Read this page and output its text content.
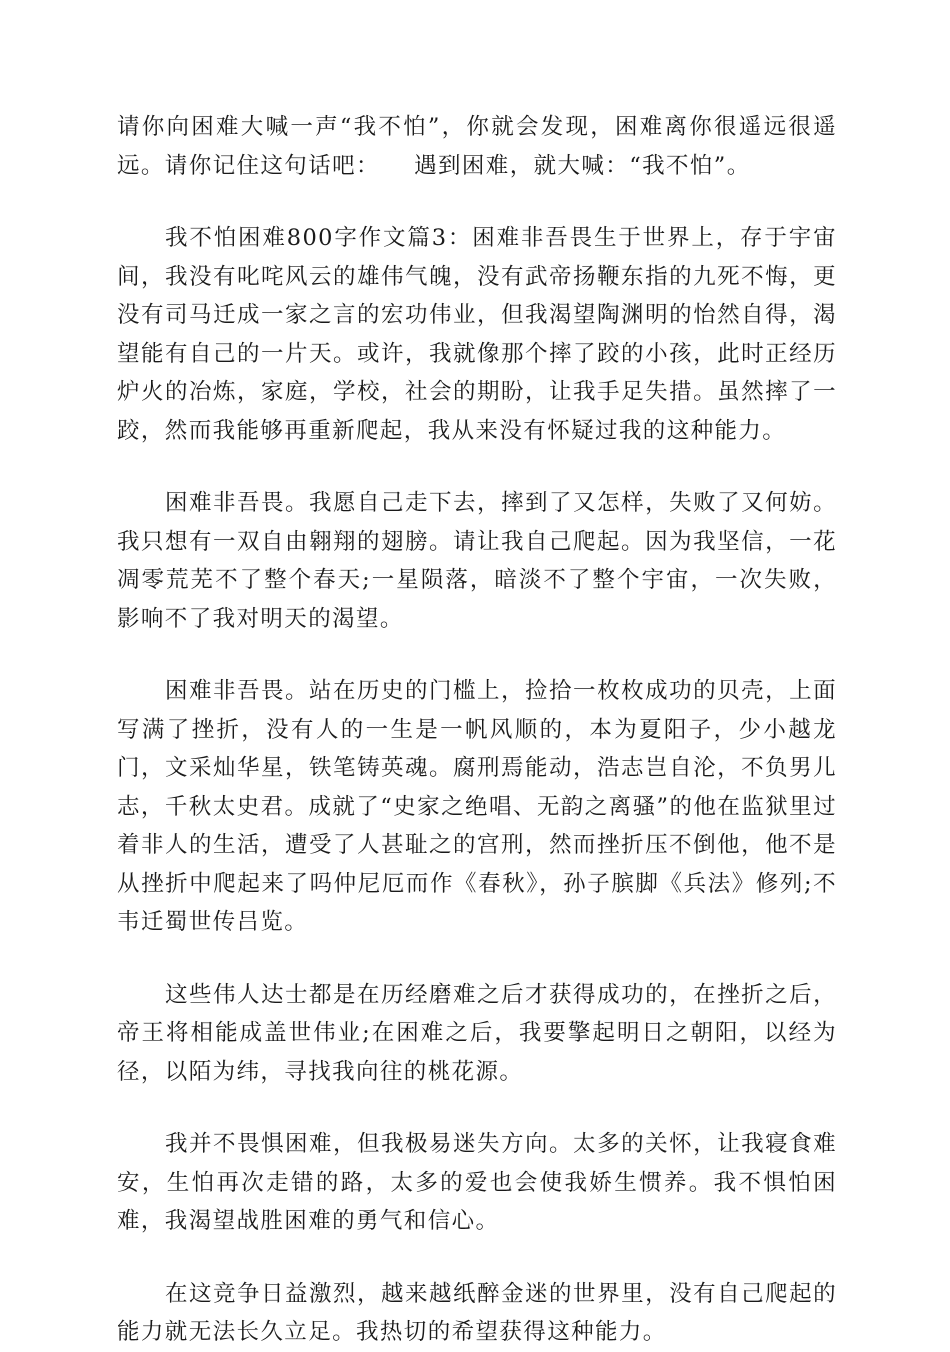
请你向困难大喊一声“我不怕”，你就会发现，困难离你很遥远很遥远。请你记住这句话吧：    遇到困难，就大喊：“我不怕”。

我不怕困难800字作文篇3：困难非吾畏生于世界上，存于宇宙间，我没有叱咤风云的雄伟气魄，没有武帝扬鞭东指的九死不悔，更没有司马迁成一家之言的宏功伟业，但我渴望陶渊明的怡然自得，渴望能有自己的一片天。或许，我就像那个摔了跤的小孩，此时正经历炉火的冶炼，家庭，学校，社会的期盼，让我手足失措。虽然摔了一跤，然而我能够再重新爬起，我从来没有怀疑过我的这种能力。

困难非吾畏。我愿自己走下去，摔到了又怎样，失败了又何妨。我只想有一双自由翱翔的翅膀。请让我自己爬起。因为我坚信，一花凋零荒芜不了整个春天;一星陨落，暗淡不了整个宇宙，一次失败，影响不了我对明天的渴望。

困难非吾畏。站在历史的门槛上，捡拾一枚枚成功的贝壳，上面写满了挫折，没有人的一生是一帆风顺的，本为夏阳子，少小越龙门，文采灿华星，铁笔铸英魂。腐刑焉能动，浩志岂自沦，不负男儿志，千秋太史君。成就了“史家之绝唱、无韵之离骚”的他在监狱里过着非人的生活，遭受了人甚耻之的宫刑，然而挫折压不倒他，他不是从挫折中爬起来了吗仲尼厄而作《春秋》，孙子膑脚《兵法》修列;不韦迁蜀世传吕览。

这些伟人达士都是在历经磨难之后才获得成功的，在挫折之后，帝王将相能成盖世伟业;在困难之后，我要擎起明日之朝阳，以经为径，以陌为纬，寻找我向往的桃花源。

我并不畏惧困难，但我极易迷失方向。太多的关怀，让我寝食难安，生怕再次走错的路，太多的爱也会使我娇生惯养。我不惧怕困难，我渴望战胜困难的勇气和信心。

在这竞争日益激烈，越来越纸醉金迷的世界里，没有自己爬起的能力就无法长久立足。我热切的希望获得这种能力。
